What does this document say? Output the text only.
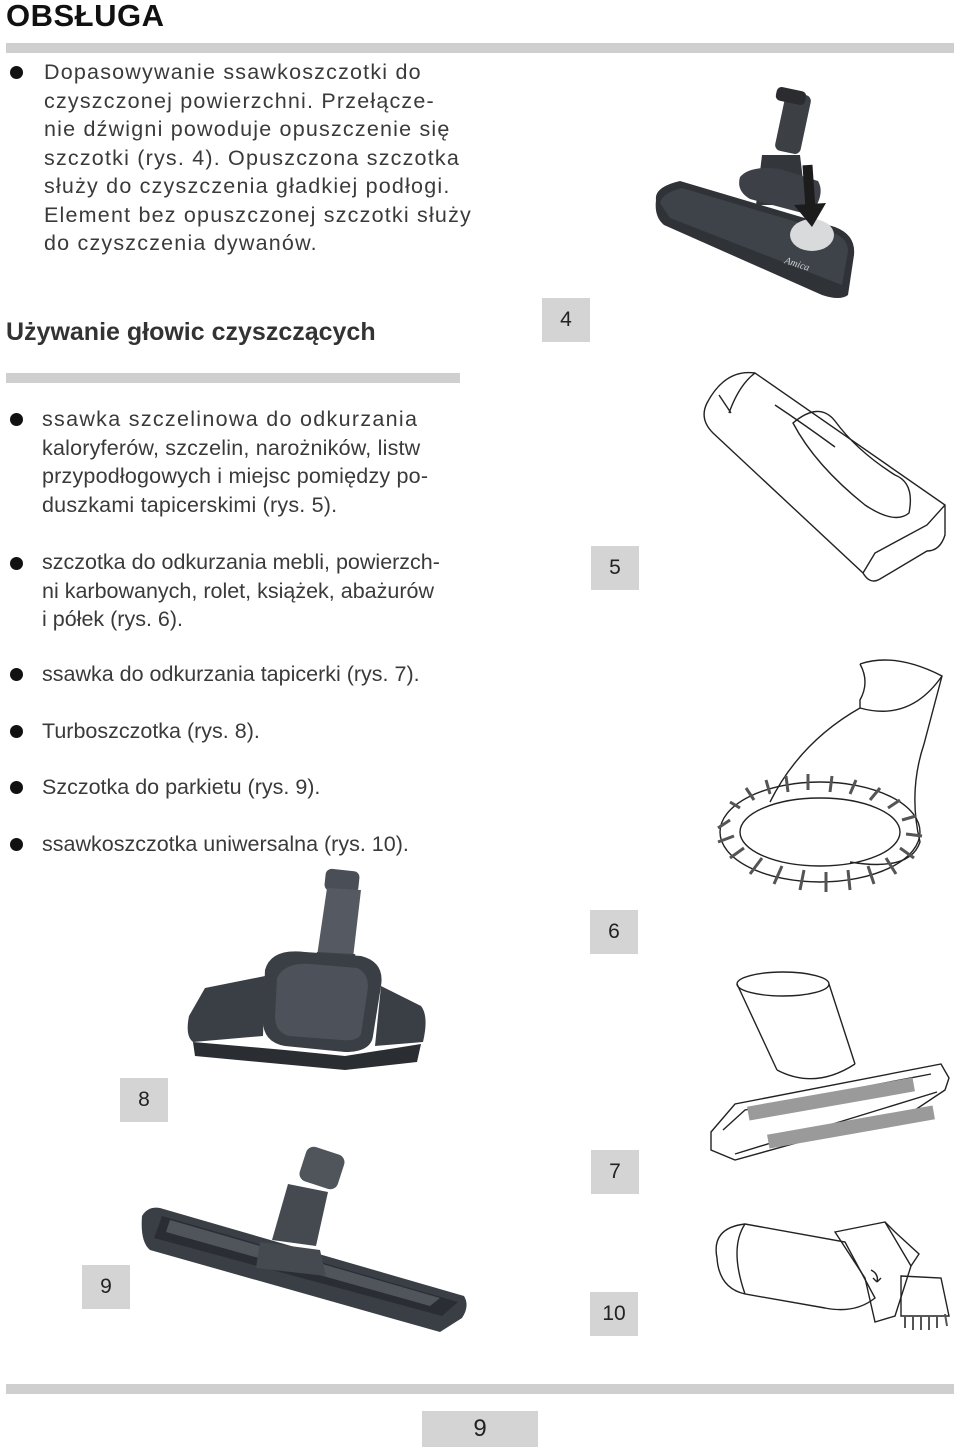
OBSŁUGA
Dopasowywanie ssawkoszczotki do
czyszczonej powierzchni. Przełącze-
nie dźwigni powoduje opuszczenie się
szczotki (rys. 4). Opuszczona szczotka
służy do czyszczenia gładkiej podłogi.
Element bez opuszczonej szczotki służy
do czyszczenia dywanów.
Amica
Używanie głowic czyszczących	4
ssawka szczelinowa do odkurzania
kaloryferów, szczelin, narożników, listw
przypodłogowych i miejsc pomiędzy po-
duszkami tapicerskimi (rys. 5).
szczotka do odkurzania mebli, powierzch-
ni karbowanych, rolet, książek, abażurów
i półek (rys. 6).
ssawka do odkurzania tapicerki (rys. 7).
Turboszczotka (rys. 8).
Szczotka do parkietu (rys. 9).
ssawkoszczotka uniwersalna (rys. 10).
5
6
8
7
9
10
9
